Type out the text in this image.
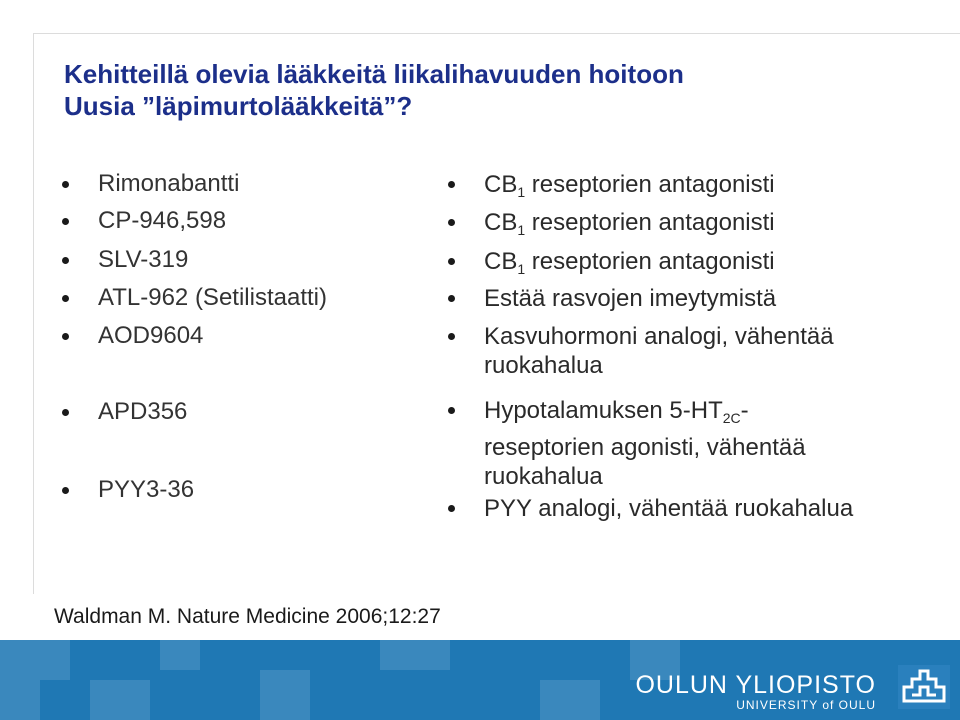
Kehitteillä olevia lääkkeitä liikalihavuuden hoitoon
Uusia ”läpimurtolääkkeitä”?
Rimonabantti
CP-946,598
SLV-319
ATL-962 (Setilistaatti)
AOD9604
APD356
PYY3-36
$CB_1$ reseptorien antagonisti
$CB_1$ reseptorien antagonisti
$CB_1$ reseptorien antagonisti
Estää rasvojen imeytymistä
Kasvuhormoni analogi, vähentää
ruokahalua
Hypotalamuksen $5-HT_{2C}-$
reseptorien agonisti, vähentää
ruokahalua
PYY analogi, vähentää ruokahalua
Waldman M. Nature Medicine 2006;12:27
OULUN YLIOPISTO
UNIVERSITY of OULU
